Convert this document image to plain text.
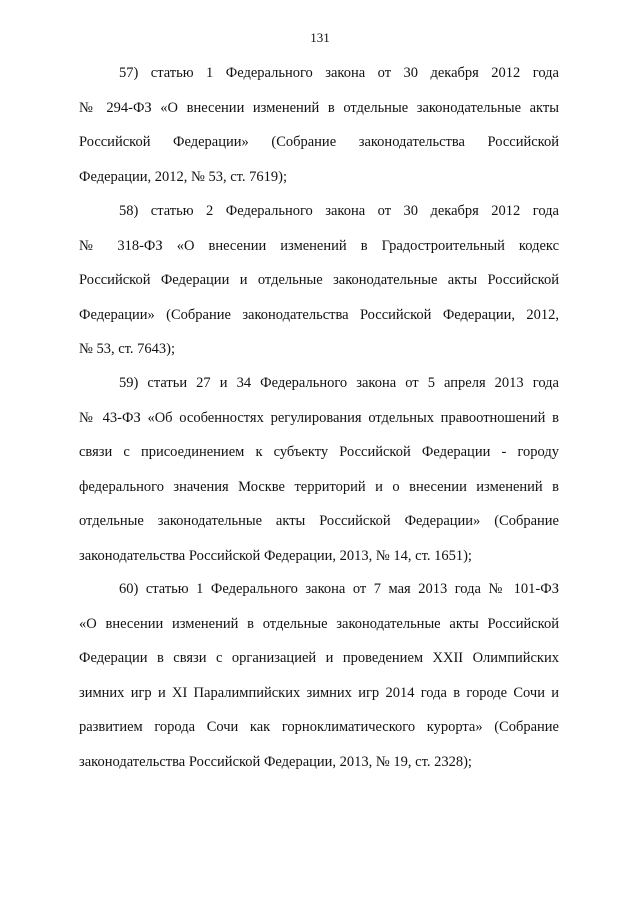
131
57) статью 1 Федерального закона от 30 декабря 2012 года
№ 294-ФЗ «О внесении изменений в отдельные законодательные акты
Российской Федерации» (Собрание законодательства Российской
Федерации, 2012, № 53, ст. 7619);
58) статью 2 Федерального закона от 30 декабря 2012 года
№ 318-ФЗ «О внесении изменений в Градостроительный кодекс
Российской Федерации и отдельные законодательные акты Российской
Федерации» (Собрание законодательства Российской Федерации, 2012,
№ 53, ст. 7643);
59) статьи 27 и 34 Федерального закона от 5 апреля 2013 года
№ 43-ФЗ «Об особенностях регулирования отдельных правоотношений в
связи с присоединением к субъекту Российской Федерации - городу
федерального значения Москве территорий и о внесении изменений в
отдельные законодательные акты Российской Федерации» (Собрание
законодательства Российской Федерации, 2013, № 14, ст. 1651);
60) статью 1 Федерального закона от 7 мая 2013 года № 101-ФЗ
«О внесении изменений в отдельные законодательные акты Российской
Федерации в связи с организацией и проведением XXII Олимпийских
зимних игр и XI Паралимпийских зимних игр 2014 года в городе Сочи и
развитием города Сочи как горноклиматического курорта» (Собрание
законодательства Российской Федерации, 2013, № 19, ст. 2328);
